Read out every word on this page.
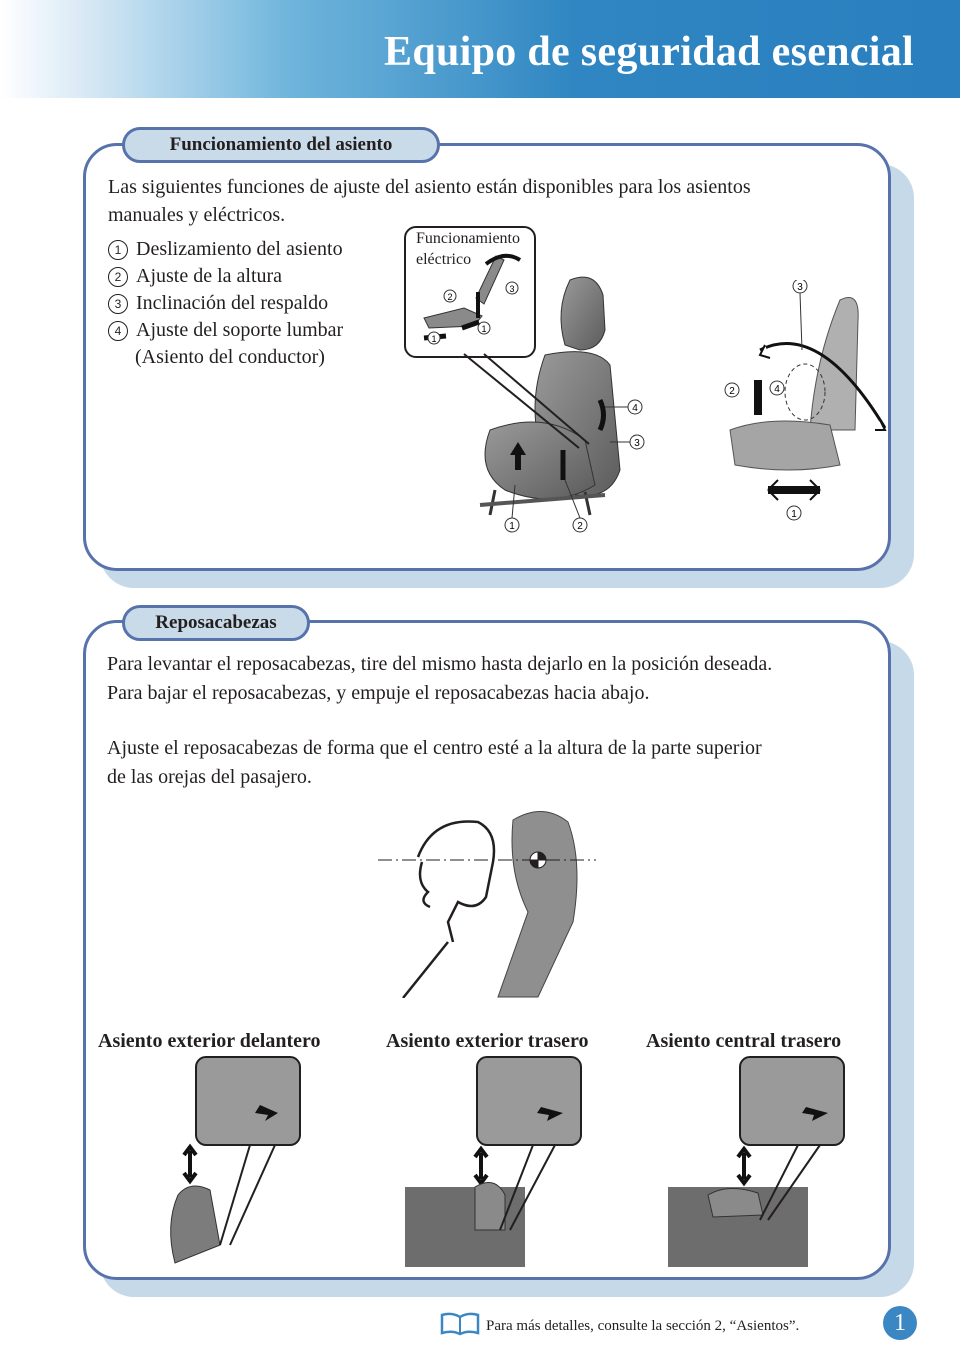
Equipo de seguridad esencial
Funcionamiento del asiento
Las siguientes funciones de ajuste del asiento están disponibles para los asientos
manuales y eléctricos.
1 Deslizamiento del asiento
2 Ajuste de la altura
3 Inclinación del respaldo
4 Ajuste del soporte lumbar
(Asiento del conductor)
4
3
1	2
Funcionamiento
eléctrico
2
3
1
1
3
2	4
1
Reposacabezas

Para levantar el reposacabezas, tire del mismo hasta dejarlo en la posición deseada.
Para bajar el reposacabezas, y empuje el reposacabezas hacia abajo.

Ajuste el reposacabezas de forma que el centro esté a la altura de la parte superior
de las orejas del pasajero.

Asiento exterior delantero	Asiento exterior trasero	Asiento central trasero
Para más detalles, consulte la sección 2, “Asientos”.	1
